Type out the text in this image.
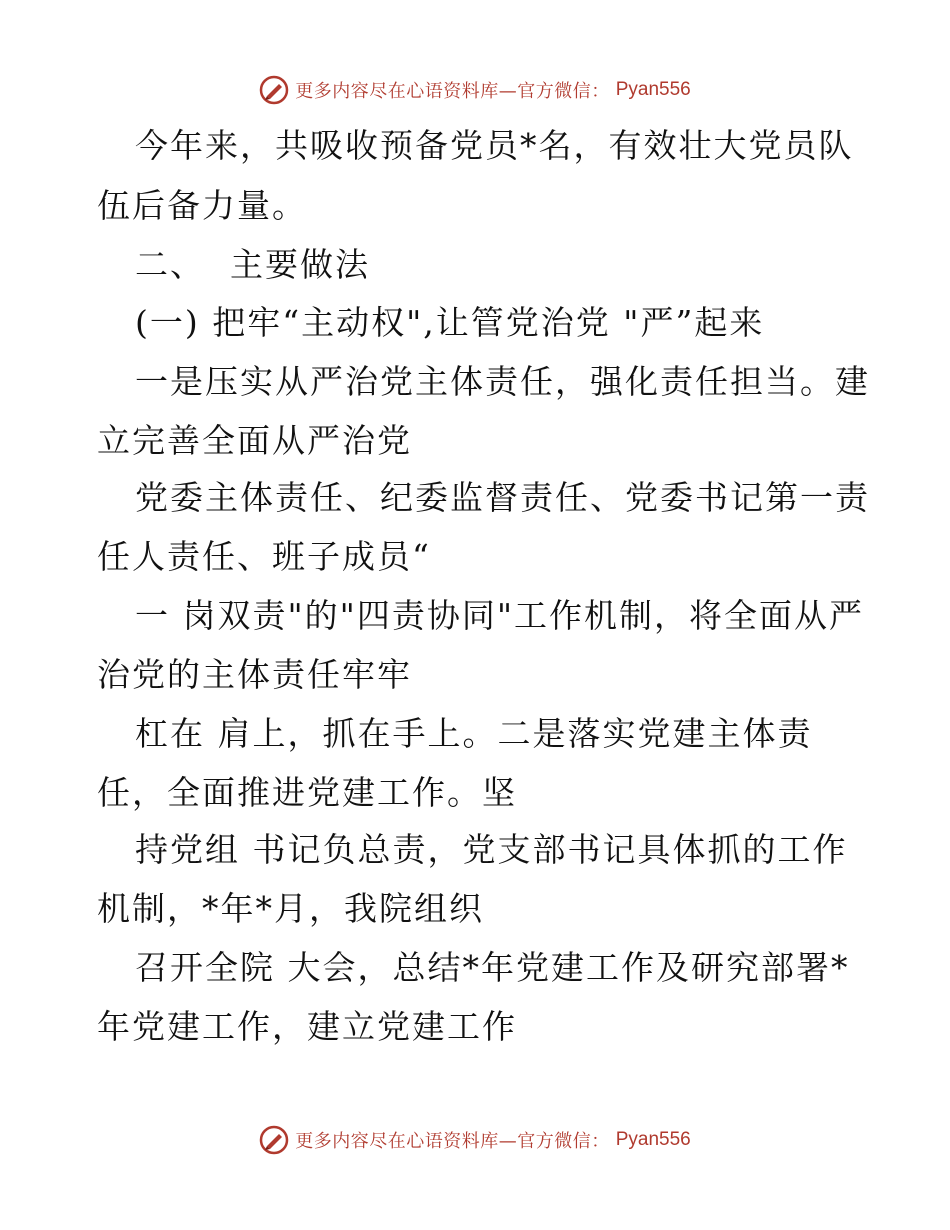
更多内容尽在心语资料库—官方微信： Pyan556
今年来，共吸收预备党员*名，有效壮大党员队
伍后备力量。
二、  主要做法
(一) 把牢“主动权",让管党治党 "严”起来
一是压实从严治党主体责任，强化责任担当。建
立完善全面从严治党
党委主体责任、纪委监督责任、党委书记第一责
任人责任、班子成员“
一 岗双责"的"四责协同"工作机制，将全面从严
治党的主体责任牢牢
杠在 肩上，抓在手上。二是落实党建主体责
任，全面推进党建工作。坚
持党组 书记负总责，党支部书记具体抓的工作
机制，*年*月，我院组织
召开全院 大会，总结*年党建工作及研究部署*
年党建工作，建立党建工作
更多内容尽在心语资料库—官方微信： Pyan556
